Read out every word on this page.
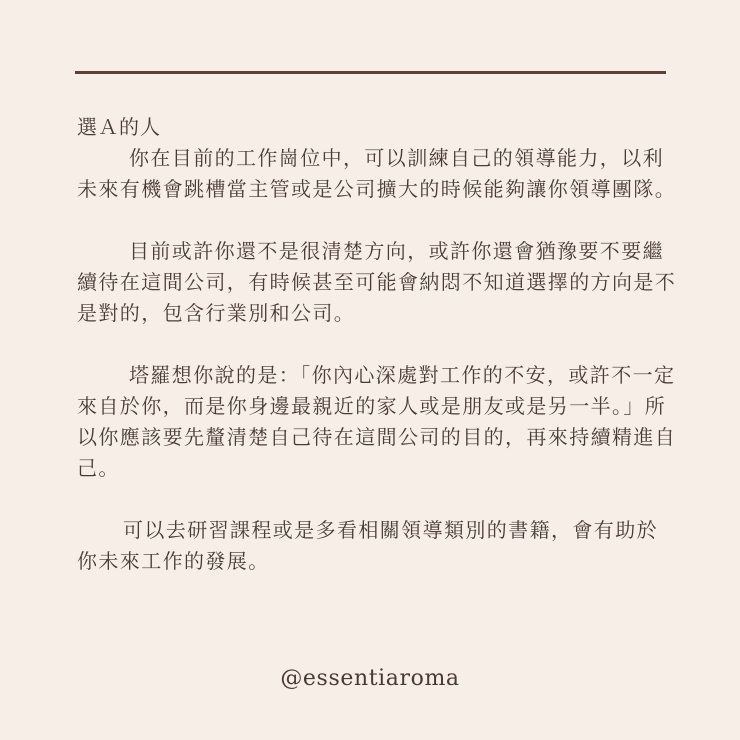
選Ａ的人

你在目前的工作崗位中，可以訓練自己的領導能力，以利未來有機會跳槽當主管或是公司擴大的時候能夠讓你領導團隊。

目前或許你還不是很清楚方向，或許你還會猶豫要不要繼續待在這間公司，有時候甚至可能會納悶不知道選擇的方向是不是對的，包含行業別和公司。

塔羅想你說的是：「你內心深處對工作的不安，或許不一定來自於你，而是你身邊最親近的家人或是朋友或是另一半。」所以你應該要先釐清楚自己待在這間公司的目的，再來持續精進自己。

可以去研習課程或是多看相關領導類別的書籍，會有助於你未來工作的發展。

@essentiaroma
